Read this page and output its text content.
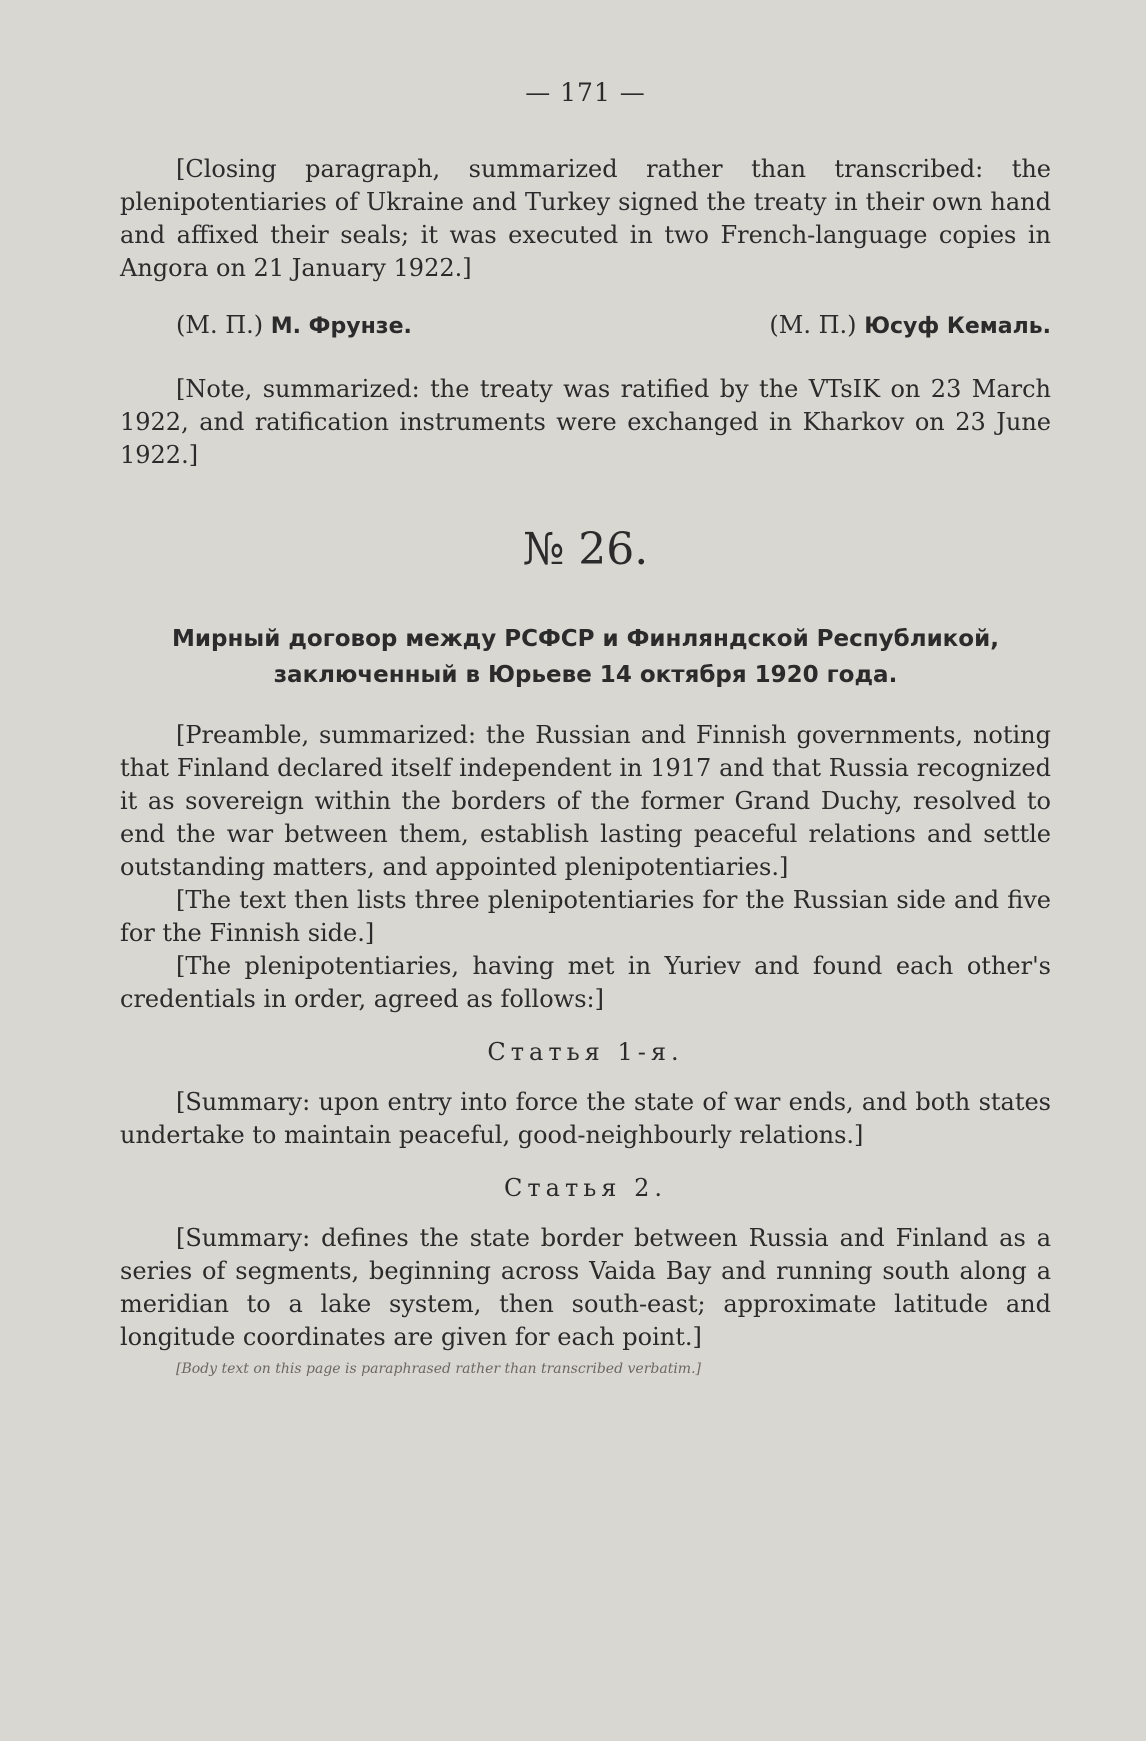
— 171 —

[Closing paragraph, summarized rather than transcribed: the plenipotentiaries of Ukraine and Turkey signed the treaty in their own hand and affixed their seals; it was executed in two French-language copies in Angora on 21 January 1922.]

(М. П.) М. Фрунзе.	(М. П.) Юсуф Кемаль.

[Note, summarized: the treaty was ratified by the VTsIK on 23 March 1922, and ratification instruments were exchanged in Kharkov on 23 June 1922.]

№ 26.
Мирный договор между РСФСР и Финляндской Республикой, заключенный в Юрьеве 14 октября 1920 года.

[Preamble, summarized: the Russian and Finnish governments, noting that Finland declared itself independent in 1917 and that Russia recognized it as sovereign within the borders of the former Grand Duchy, resolved to end the war between them, establish lasting peaceful relations and settle outstanding matters, and appointed plenipotentiaries.]

[The text then lists three plenipotentiaries for the Russian side and five for the Finnish side.]

[The plenipotentiaries, having met in Yuriev and found each other's credentials in order, agreed as follows:]

Статья 1-я.

[Summary: upon entry into force the state of war ends, and both states undertake to maintain peaceful, good-neighbourly relations.]

Статья 2.

[Summary: defines the state border between Russia and Finland as a series of segments, beginning across Vaida Bay and running south along a meridian to a lake system, then south-east; approximate latitude and longitude coordinates are given for each point.]

[Body text on this page is paraphrased rather than transcribed verbatim.]
